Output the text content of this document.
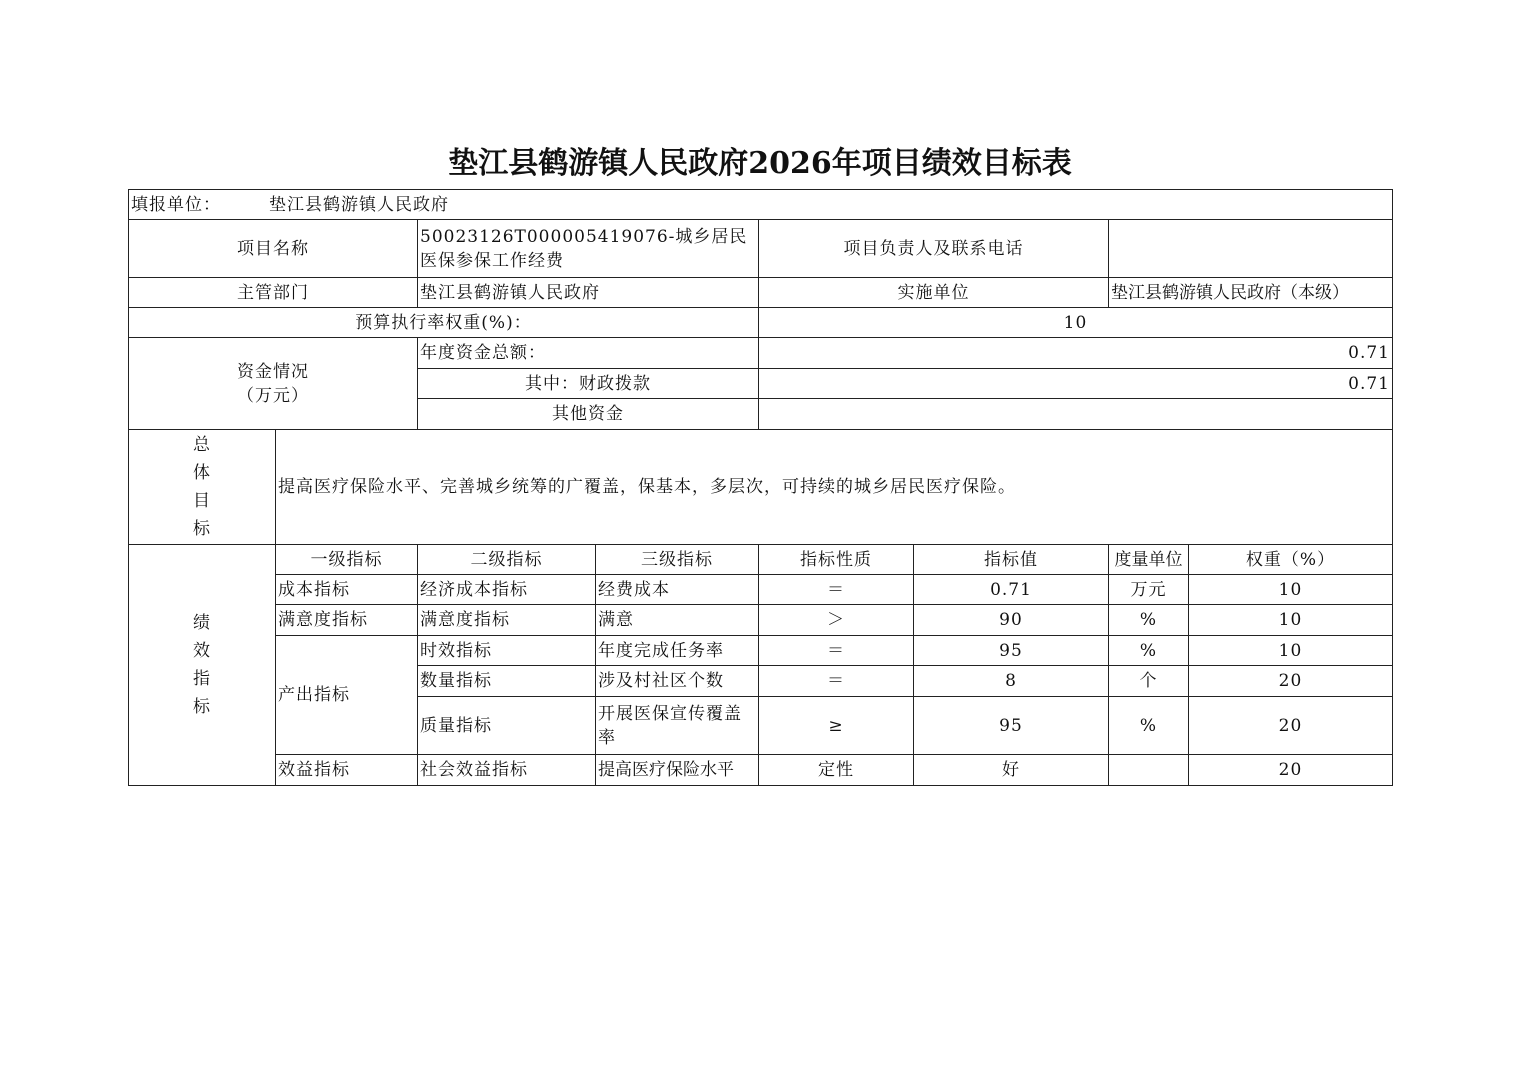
垫江县鹤游镇人民政府2026年项目绩效目标表
填报单位： 垫江县鹤游镇人民政府							
项目名称		50023126T000005419076-城乡居民医保参保工作经费		项目负责人及联系电话			
主管部门		垫江县鹤游镇人民政府		实施单位		垫江县鹤游镇人民政府（本级）	
预算执行率权重(%)：				10			

资金情况
（万元）		年度资金总额：		0.71			
		其中：财政拨款		0.71			
		其他资金					

总
体
目
标	提高医疗保险水平、完善城乡统筹的广覆盖，保基本，多层次，可持续的城乡居民医疗保险。						

绩
效
指
标	一级指标	二级指标	三级指标	指标性质	指标值	度量单位	权重（%）
	成本指标	经济成本指标	经费成本	＝	0.71	万元	10
	满意度指标	满意度指标	满意	＞	90	%	10
	产出指标	时效指标	年度完成任务率	＝	95	%	10
		数量指标	涉及村社区个数	＝	8	个	20
		质量指标	开展医保宣传覆盖率	≥	95	%	20
	效益指标	社会效益指标	提高医疗保险水平	定性	好		20
